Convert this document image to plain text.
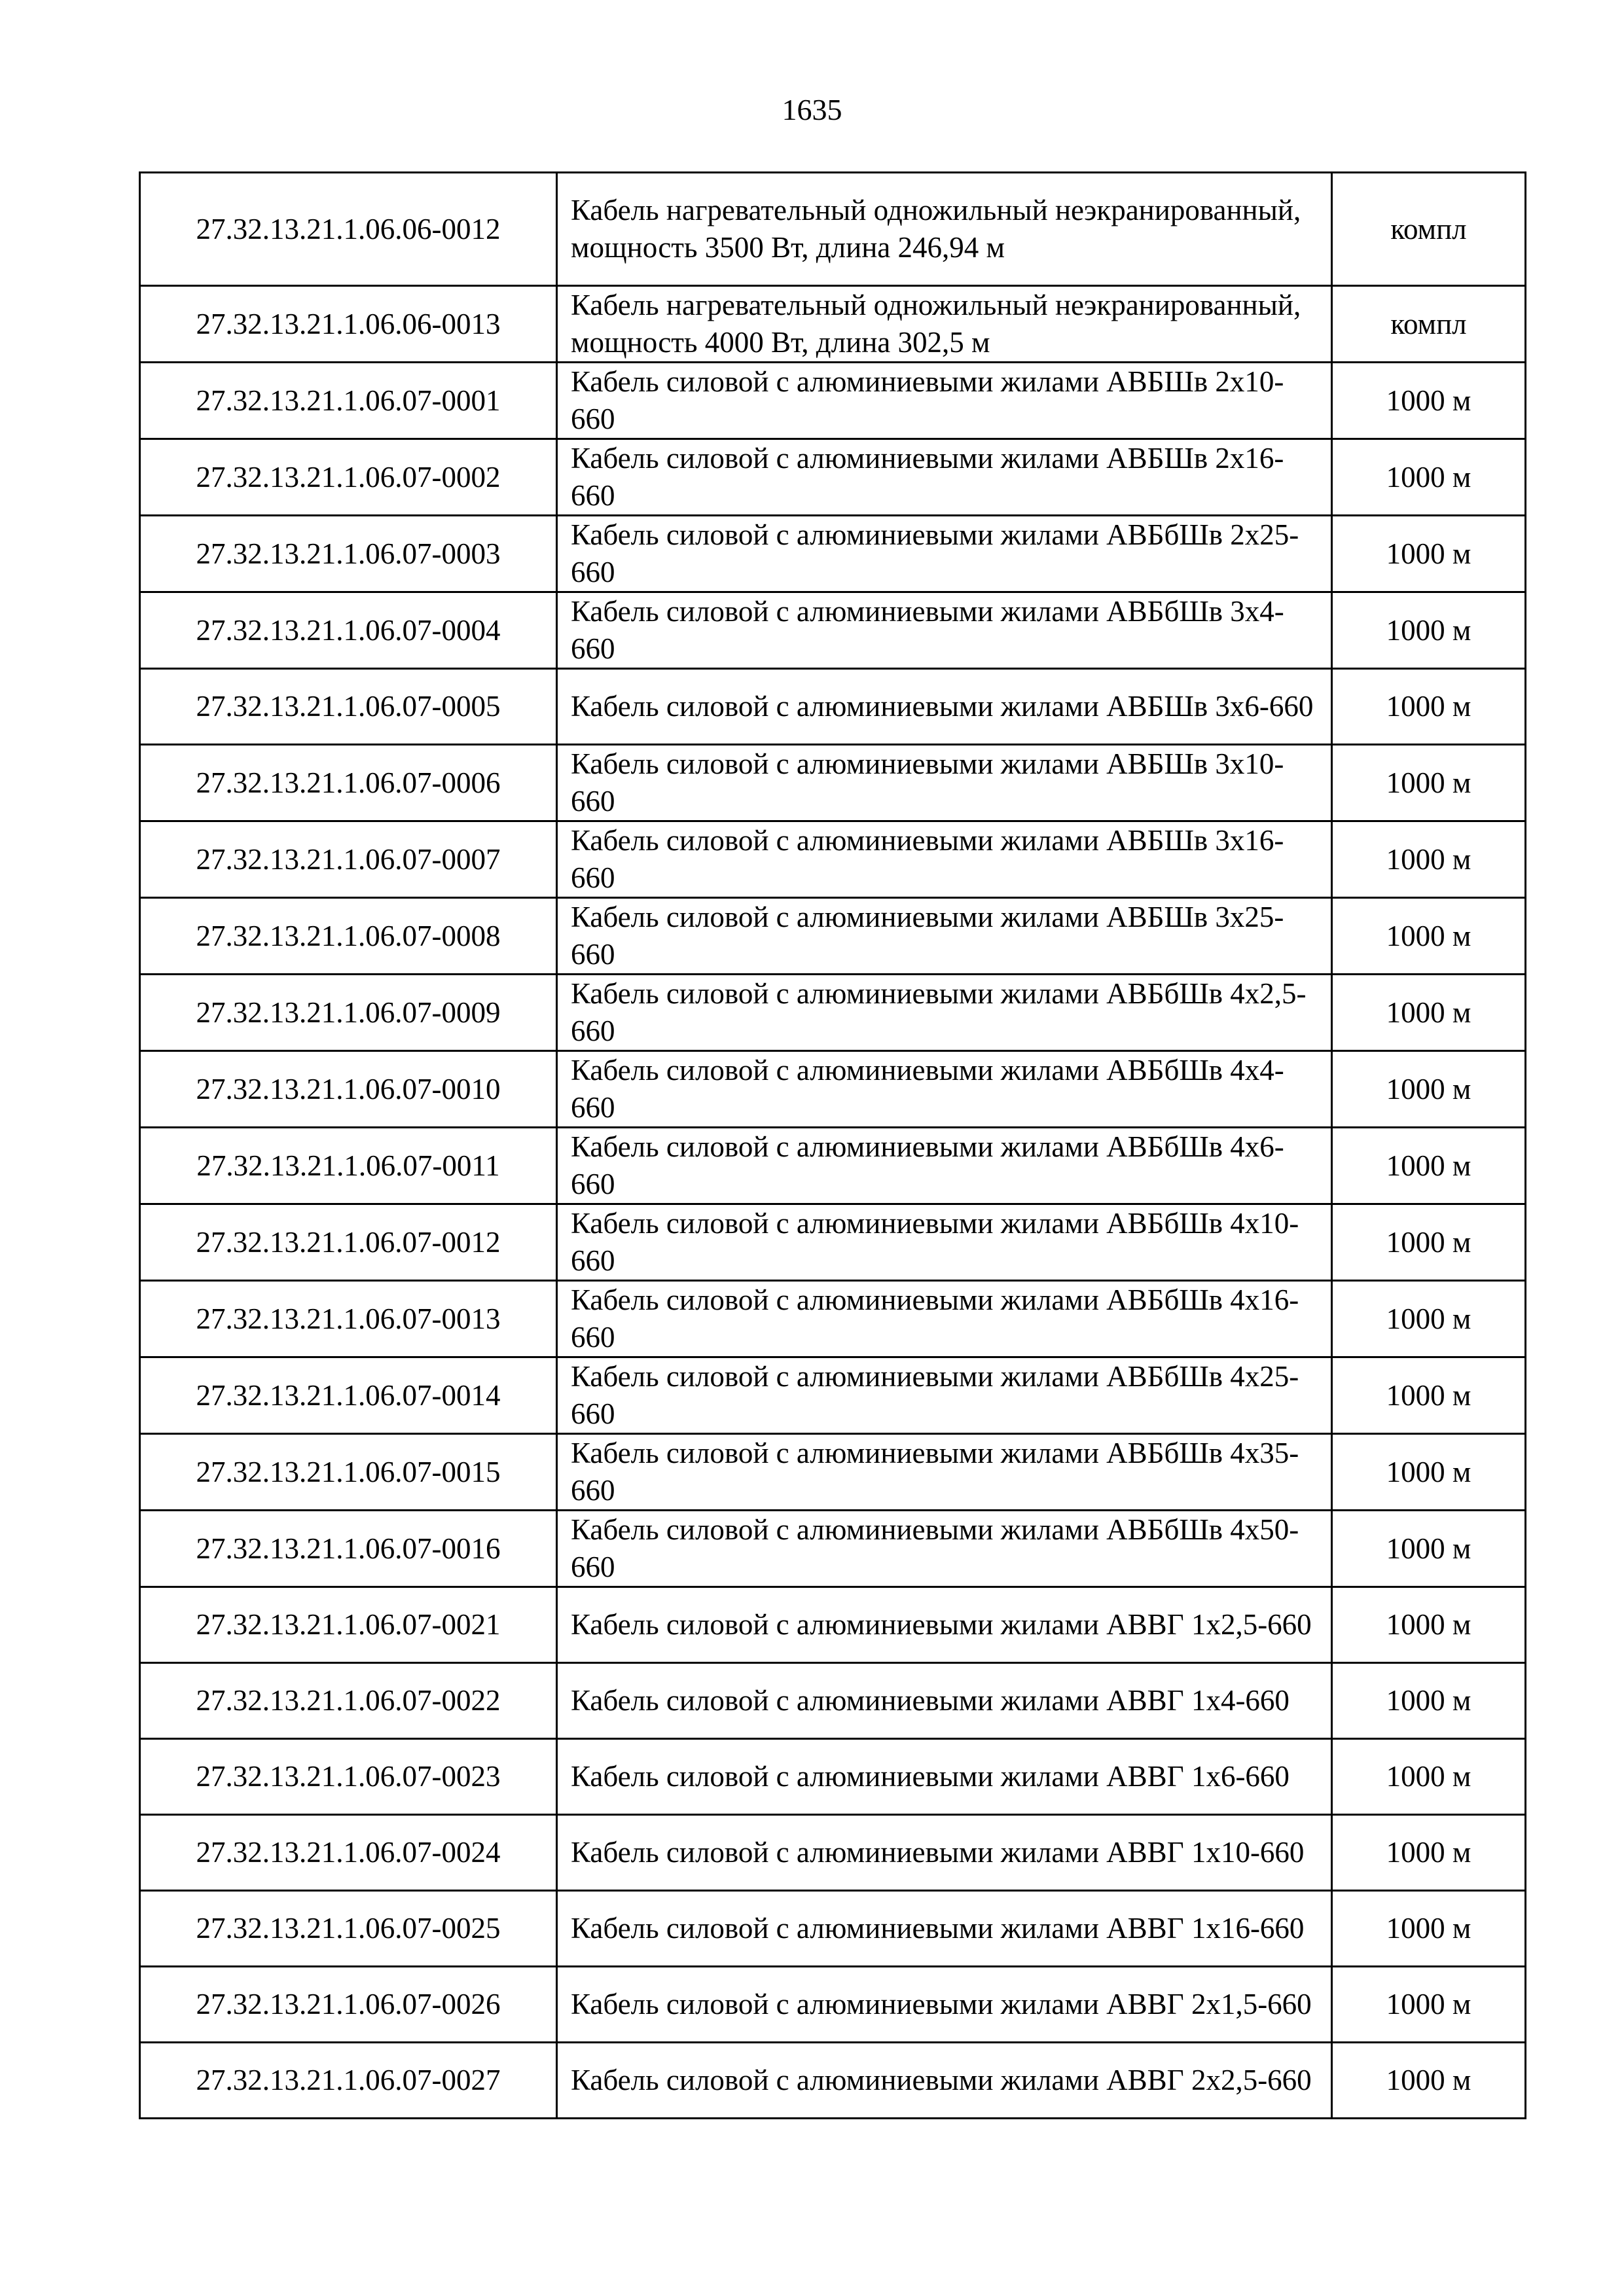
1635
27.32.13.21.1.06.06-0012	Кабель нагревательный одножильный неэкранированный, мощность 3500 Вт, длина 246,94 м	компл
27.32.13.21.1.06.06-0013	Кабель нагревательный одножильный неэкранированный, мощность 4000 Вт, длина 302,5 м	компл
27.32.13.21.1.06.07-0001	Кабель силовой с алюминиевыми жилами АВБШв 2х10-660	1000 м
27.32.13.21.1.06.07-0002	Кабель силовой с алюминиевыми жилами АВБШв 2х16-660	1000 м
27.32.13.21.1.06.07-0003	Кабель силовой с алюминиевыми жилами АВБбШв 2х25-660	1000 м
27.32.13.21.1.06.07-0004	Кабель силовой с алюминиевыми жилами АВБбШв 3х4-660	1000 м
27.32.13.21.1.06.07-0005	Кабель силовой с алюминиевыми жилами АВБШв 3х6-660	1000 м
27.32.13.21.1.06.07-0006	Кабель силовой с алюминиевыми жилами АВБШв 3х10-660	1000 м
27.32.13.21.1.06.07-0007	Кабель силовой с алюминиевыми жилами АВБШв 3х16-660	1000 м
27.32.13.21.1.06.07-0008	Кабель силовой с алюминиевыми жилами АВБШв 3х25-660	1000 м
27.32.13.21.1.06.07-0009	Кабель силовой с алюминиевыми жилами АВБбШв 4х2,5-660	1000 м
27.32.13.21.1.06.07-0010	Кабель силовой с алюминиевыми жилами АВБбШв 4х4-660	1000 м
27.32.13.21.1.06.07-0011	Кабель силовой с алюминиевыми жилами АВБбШв 4х6-660	1000 м
27.32.13.21.1.06.07-0012	Кабель силовой с алюминиевыми жилами АВБбШв 4х10-660	1000 м
27.32.13.21.1.06.07-0013	Кабель силовой с алюминиевыми жилами АВБбШв 4х16-660	1000 м
27.32.13.21.1.06.07-0014	Кабель силовой с алюминиевыми жилами АВБбШв 4х25-660	1000 м
27.32.13.21.1.06.07-0015	Кабель силовой с алюминиевыми жилами АВБбШв 4х35-660	1000 м
27.32.13.21.1.06.07-0016	Кабель силовой с алюминиевыми жилами АВБбШв 4х50-660	1000 м
27.32.13.21.1.06.07-0021	Кабель силовой с алюминиевыми жилами АВВГ 1х2,5-660	1000 м
27.32.13.21.1.06.07-0022	Кабель силовой с алюминиевыми жилами АВВГ 1х4-660	1000 м
27.32.13.21.1.06.07-0023	Кабель силовой с алюминиевыми жилами АВВГ 1х6-660	1000 м
27.32.13.21.1.06.07-0024	Кабель силовой с алюминиевыми жилами АВВГ 1х10-660	1000 м
27.32.13.21.1.06.07-0025	Кабель силовой с алюминиевыми жилами АВВГ 1х16-660	1000 м
27.32.13.21.1.06.07-0026	Кабель силовой с алюминиевыми жилами АВВГ 2х1,5-660	1000 м
27.32.13.21.1.06.07-0027	Кабель силовой с алюминиевыми жилами АВВГ 2х2,5-660	1000 м
